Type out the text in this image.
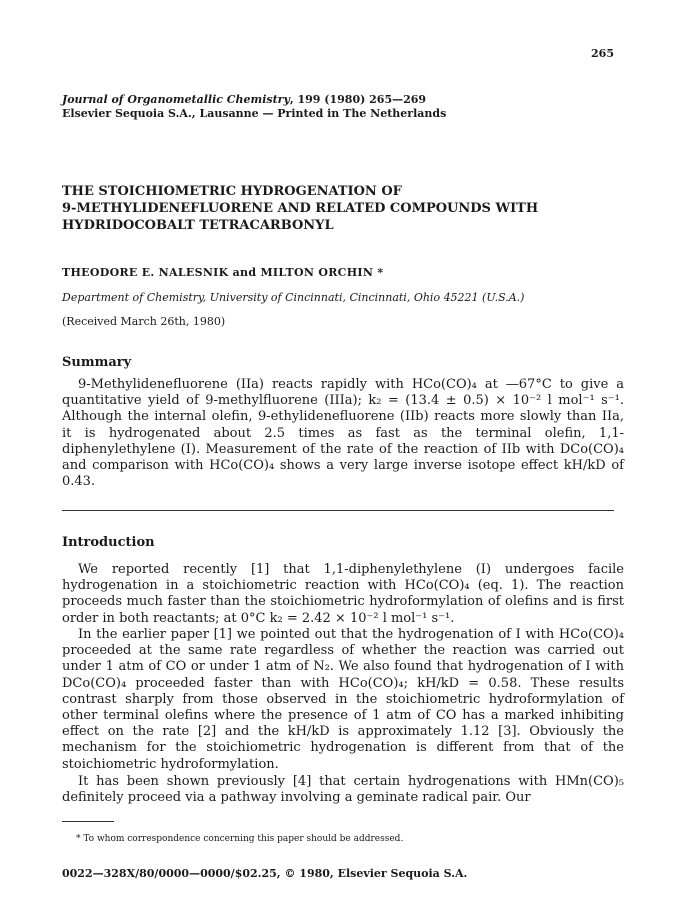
265
Journal of Organometallic Chemistry, 199 (1980) 265—269
Elsevier Sequoia S.A., Lausanne — Printed in The Netherlands
THE STOICHIOMETRIC HYDROGENATION OF
9-METHYLIDENEFLUORENE AND RELATED COMPOUNDS WITH
HYDRIDOCOBALT TETRACARBONYL
THEODORE E. NALESNIK and MILTON ORCHIN *
Department of Chemistry, University of Cincinnati, Cincinnati, Ohio 45221 (U.S.A.)
(Received March 26th, 1980)
Summary

9-Methylidenefluorene (IIa) reacts rapidly with HCo(CO)₄ at —67°C to give a quantitative yield of 9-methylfluorene (IIIa); k₂ = (13.4 ± 0.5) × 10⁻² l mol⁻¹ s⁻¹. Although the internal olefin, 9-ethylidenefluorene (IIb) reacts more slowly than IIa, it is hydrogenated about 2.5 times as fast as the terminal olefin, 1,1-diphenylethylene (I). Measurement of the rate of the reaction of IIb with DCo(CO)₄ and comparison with HCo(CO)₄ shows a very large inverse isotope effect kH/kD of 0.43.

Introduction

We reported recently [1] that 1,1-diphenylethylene (I) undergoes facile hydrogenation in a stoichiometric reaction with HCo(CO)₄ (eq. 1). The reaction proceeds much faster than the stoichiometric hydroformylation of olefins and is first order in both reactants; at 0°C k₂ = 2.42 × 10⁻² l mol⁻¹ s⁻¹.

In the earlier paper [1] we pointed out that the hydrogenation of I with HCo(CO)₄ proceeded at the same rate regardless of whether the reaction was carried out under 1 atm of CO or under 1 atm of N₂. We also found that hydrogenation of I with DCo(CO)₄ proceeded faster than with HCo(CO)₄; kH/kD = 0.58. These results contrast sharply from those observed in the stoichiometric hydroformylation of other terminal olefins where the presence of 1 atm of CO has a marked inhibiting effect on the rate [2] and the kH/kD is approximately 1.12 [3]. Obviously the mechanism for the stoichiometric hydrogenation is different from that of the stoichiometric hydroformylation.

It has been shown previously [4] that certain hydrogenations with HMn(CO)₅ definitely proceed via a pathway involving a geminate radical pair. Our

* To whom correspondence concerning this paper should be addressed.
0022—328X/80/0000—0000/$02.25, © 1980, Elsevier Sequoia S.A.
